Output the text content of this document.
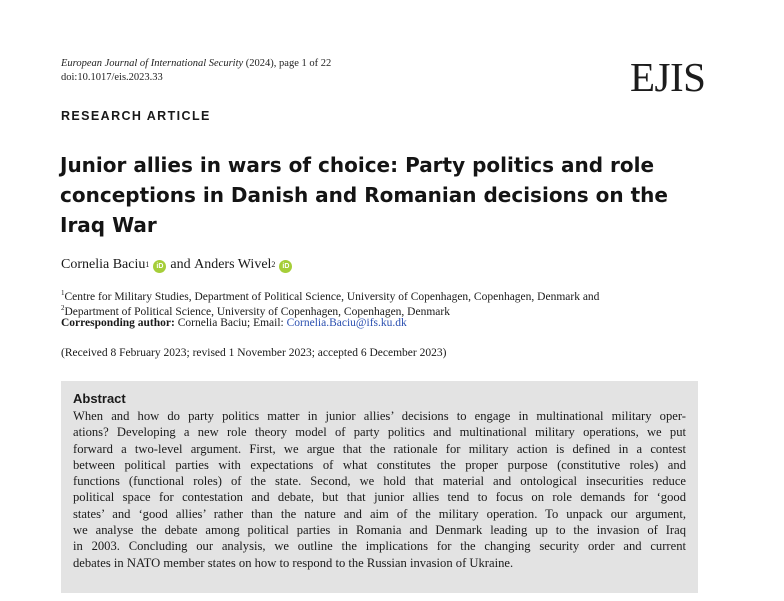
European Journal of International Security (2024), page 1 of 22
doi:10.1017/eis.2023.33	EJIS
RESEARCH ARTICLE
Junior allies in wars of choice: Party politics and role conceptions in Danish and Romanian decisions on the Iraq War
Cornelia Baciu 1	iD and
Anders Wivel 2	iD
$^1$Centre for Military Studies, Department of Political Science, University of Copenhagen, Copenhagen, Denmark and
$^2$Department of Political Science, University of Copenhagen, Copenhagen, Denmark
Corresponding author: Cornelia Baciu; Email: Cornelia.Baciu@ifs.ku.dk
(Received 8 February 2023; revised 1 November 2023; accepted 6 December 2023)
Abstract
When and how do party politics matter in junior allies’ decisions to engage in multinational military oper-
ations? Developing a new role theory model of party politics and multinational military operations, we put
forward a two-level argument. First, we argue that the rationale for military action is defined in a contest
between political parties with expectations of what constitutes the proper purpose (constitutive roles) and
functions (functional roles) of the state. Second, we hold that material and ontological insecurities reduce
political space for contestation and debate, but that junior allies tend to focus on role demands for ‘good
states’ and ‘good allies’ rather than the nature and aim of the military operation. To unpack our argument,
we analyse the debate among political parties in Romania and Denmark leading up to the invasion of Iraq
in 2003. Concluding our analysis, we outline the implications for the changing security order and current
debates in NATO member states on how to respond to the Russian invasion of Ukraine.
